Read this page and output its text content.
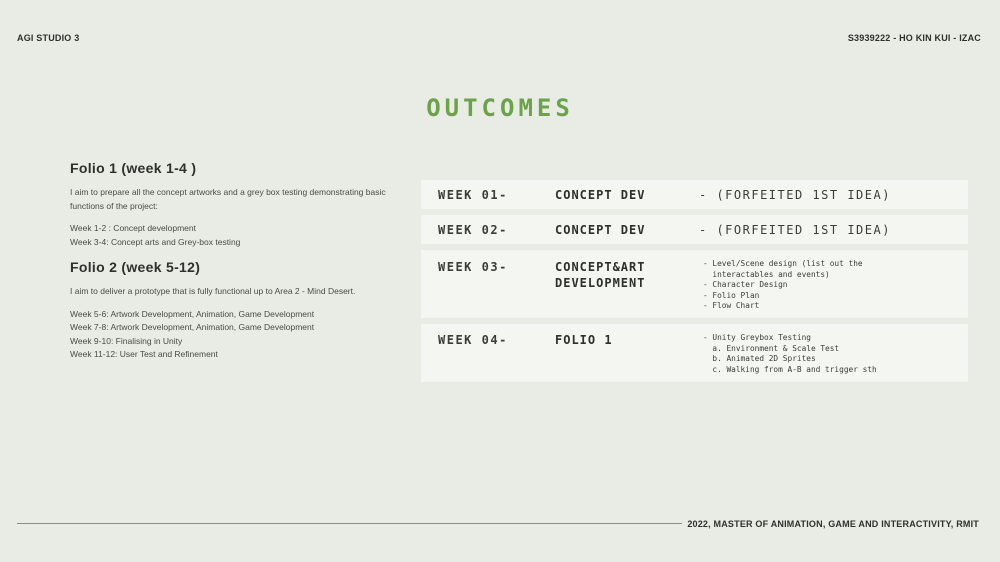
AGI STUDIO 3	S3939222 - HO KIN KUI - IZAC
OUTCOMES
Folio 1 (week 1-4 )
I aim to prepare all the concept artworks and a grey box testing demonstrating basic functions of the project:
Week 1-2 : Concept development
Week 3-4: Concept arts and Grey-box testing
Folio 2 (week 5-12)
I aim to deliver a prototype that is fully functional up to Area 2 - Mind Desert.
Week 5-6: Artwork Development, Animation, Game Development
Week 7-8: Artwork Development, Animation, Game Development
Week 9-10: Finalising in Unity
Week 11-12: User Test and Refinement
WEEK 01-	CONCEPT DEV	- (FORFEITED 1ST IDEA)
WEEK 02-	CONCEPT DEV	- (FORFEITED 1ST IDEA)
WEEK 03-	CONCEPT&ART
DEVELOPMENT
- Level/Scene design (list out the
interactables and events)
- Character Design
- Folio Plan
- Flow Chart
WEEK 04-	FOLIO 1	- Unity Greybox Testing
a. Environment & Scale Test
b. Animated 2D Sprites
c. Walking from A-B and trigger sth
2022, MASTER OF ANIMATION, GAME AND INTERACTIVITY, RMIT
